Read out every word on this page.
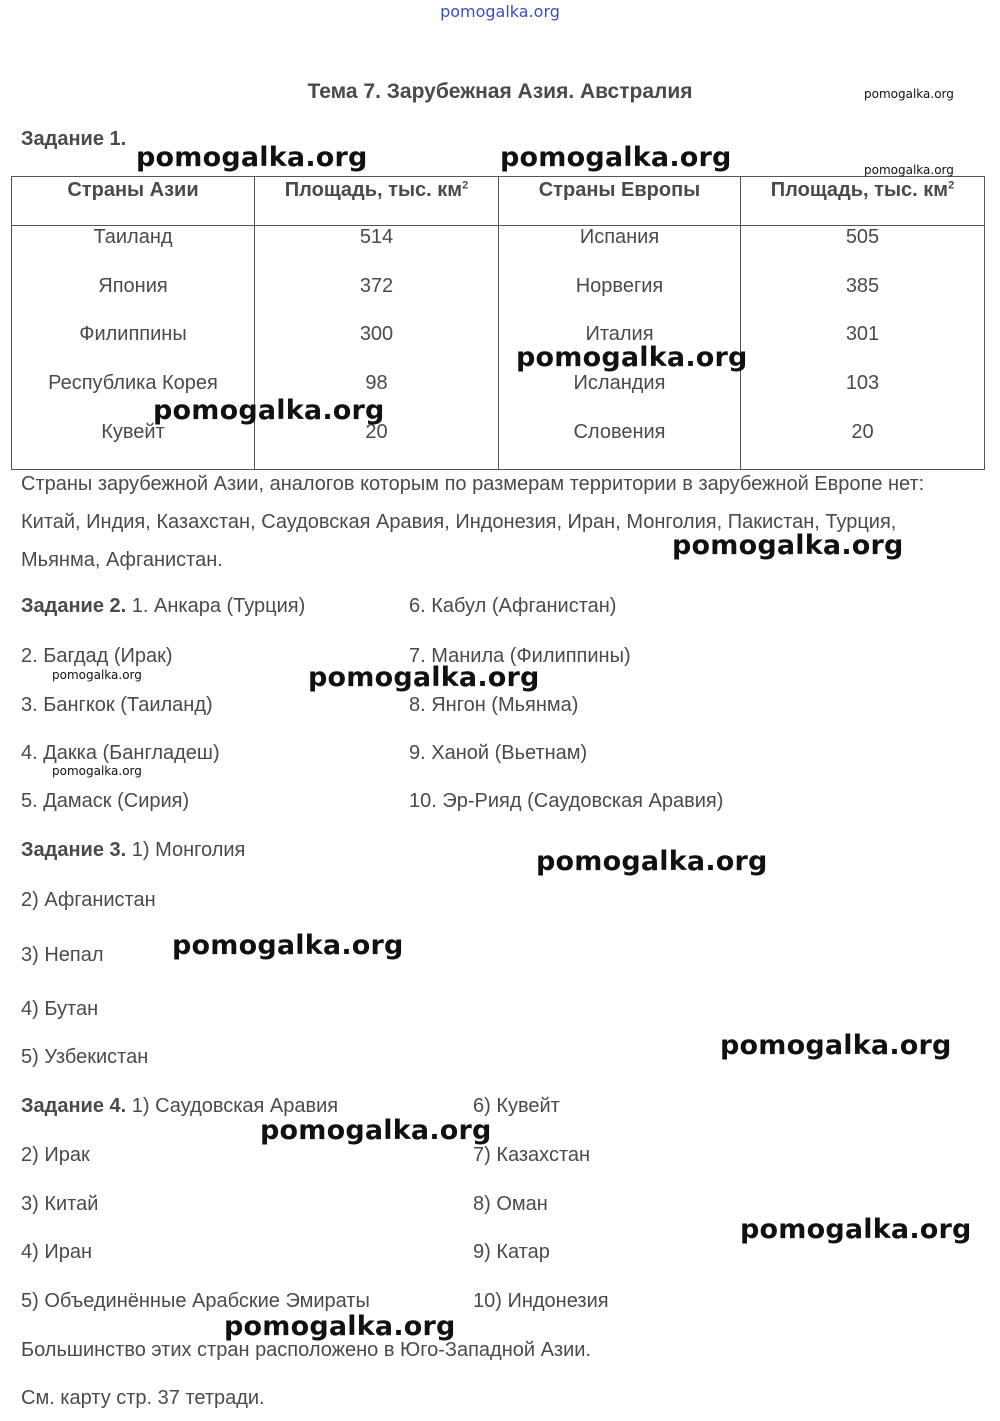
pomogalka.org
Тема 7. Зарубежная Азия. Австралия
Задание 1.
Страны Азии	Площадь, тыс. $км^2$	Страны Европы	Площадь, тыс. $км^2$
Таиланд	514	Испания	505
Япония	372	Норвегия	385
Филиппины	300	Италия	301
Республика Корея	98	Исландия	103
Кувейт	20	Словения	20
Страны зарубежной Азии, аналогов которым по размерам территории в зарубежной Европе нет: Китай, Индия, Казахстан, Саудовская Аравия, Индонезия, Иран, Монголия, Пакистан, Турция, Мьянма, Афганистан.
Задание 2. 1. Анкара (Турция)
2. Багдад (Ирак)
3. Бангкок (Таиланд)
4. Дакка (Бангладеш)
5. Дамаск (Сирия)
6. Кабул (Афганистан)
7. Манила (Филиппины)
8. Янгон (Мьянма)
9. Ханой (Вьетнам)
10. Эр-Рияд (Саудовская Аравия)
Задание 3. 1) Монголия
2) Афганистан
3) Непал
4) Бутан
5) Узбекистан
Задание 4. 1) Саудовская Аравия
2) Ирак
3) Китай
4) Иран
5) Объединённые Арабские Эмираты
6) Кувейт
7) Казахстан
8) Оман
9) Катар
10) Индонезия
Большинство этих стран расположено в Юго-Западной Азии.
См. карту стр. 37 тетради.
pomogalka.org
pomogalka.org
pomogalka.org
pomogalka.org
pomogalka.org	pomogalka.org
pomogalka.org
pomogalka.org
pomogalka.org
pomogalka.org
pomogalka.org
pomogalka.org
pomogalka.org
pomogalka.org
pomogalka.org
pomogalka.org
